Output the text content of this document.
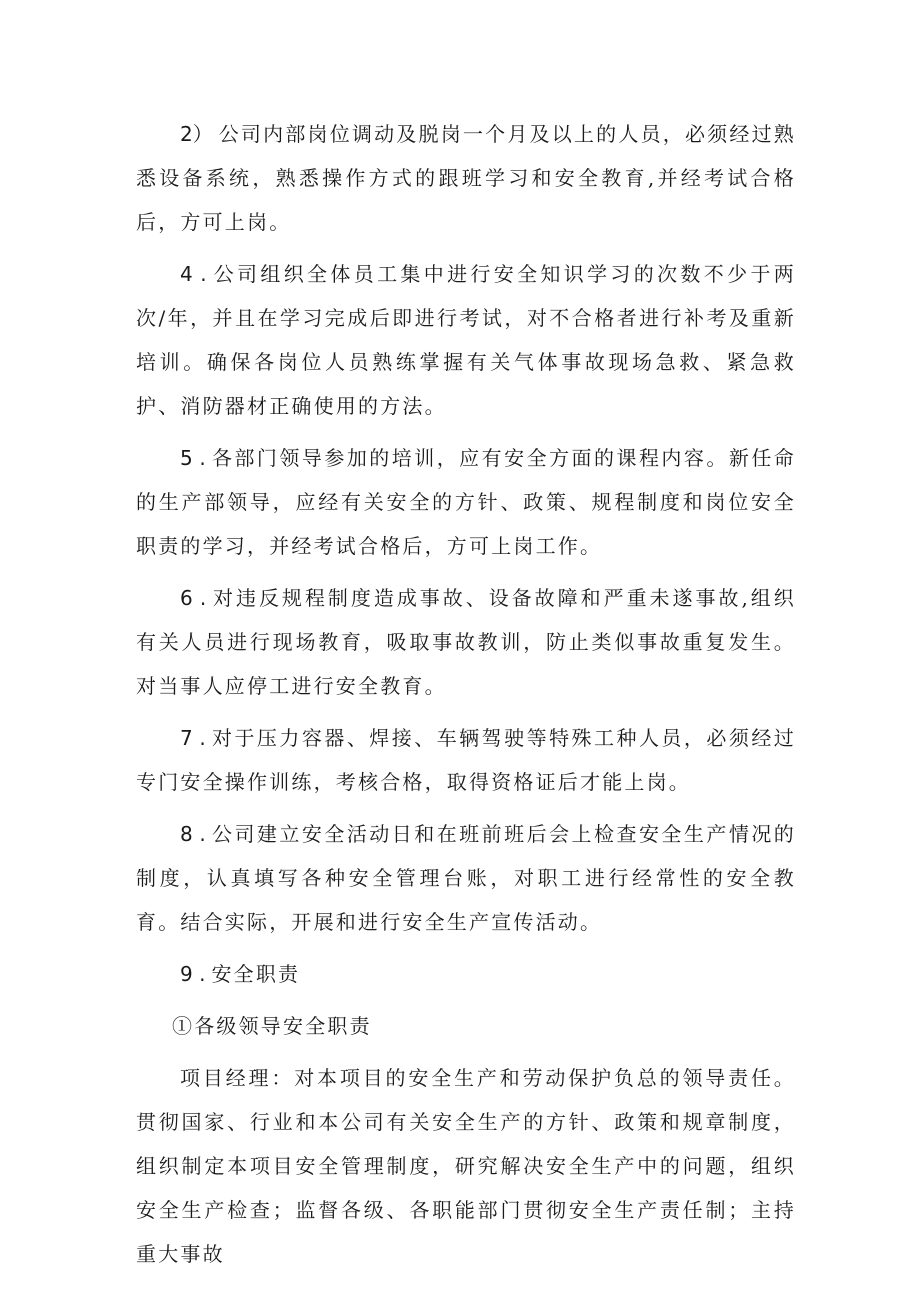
2） 公司内部岗位调动及脱岗一个月及以上的人员，必须经过熟悉设备系统，熟悉操作方式的跟班学习和安全教育,并经考试合格后，方可上岗。

4 . 公司组织全体员工集中进行安全知识学习的次数不少于两次/年，并且在学习完成后即进行考试，对不合格者进行补考及重新培训。确保各岗位人员熟练掌握有关气体事故现场急救、紧急救护、消防器材正确使用的方法。

5 . 各部门领导参加的培训，应有安全方面的课程内容。新任命的生产部领导，应经有关安全的方针、政策、规程制度和岗位安全职责的学习，并经考试合格后，方可上岗工作。

6 . 对违反规程制度造成事故、设备故障和严重未遂事故,组织有关人员进行现场教育，吸取事故教训，防止类似事故重复发生。对当事人应停工进行安全教育。

7 . 对于压力容器、焊接、车辆驾驶等特殊工种人员，必须经过专门安全操作训练，考核合格，取得资格证后才能上岗。

8 . 公司建立安全活动日和在班前班后会上检查安全生产情况的制度，认真填写各种安全管理台账，对职工进行经常性的安全教育。结合实际，开展和进行安全生产宣传活动。

9 . 安全职责

①各级领导安全职责

项目经理：对本项目的安全生产和劳动保护负总的领导责任。贯彻国家、行业和本公司有关安全生产的方针、政策和规章制度，组织制定本项目安全管理制度，研究解决安全生产中的问题，组织安全生产检查；监督各级、各职能部门贯彻安全生产责任制；主持重大事故
